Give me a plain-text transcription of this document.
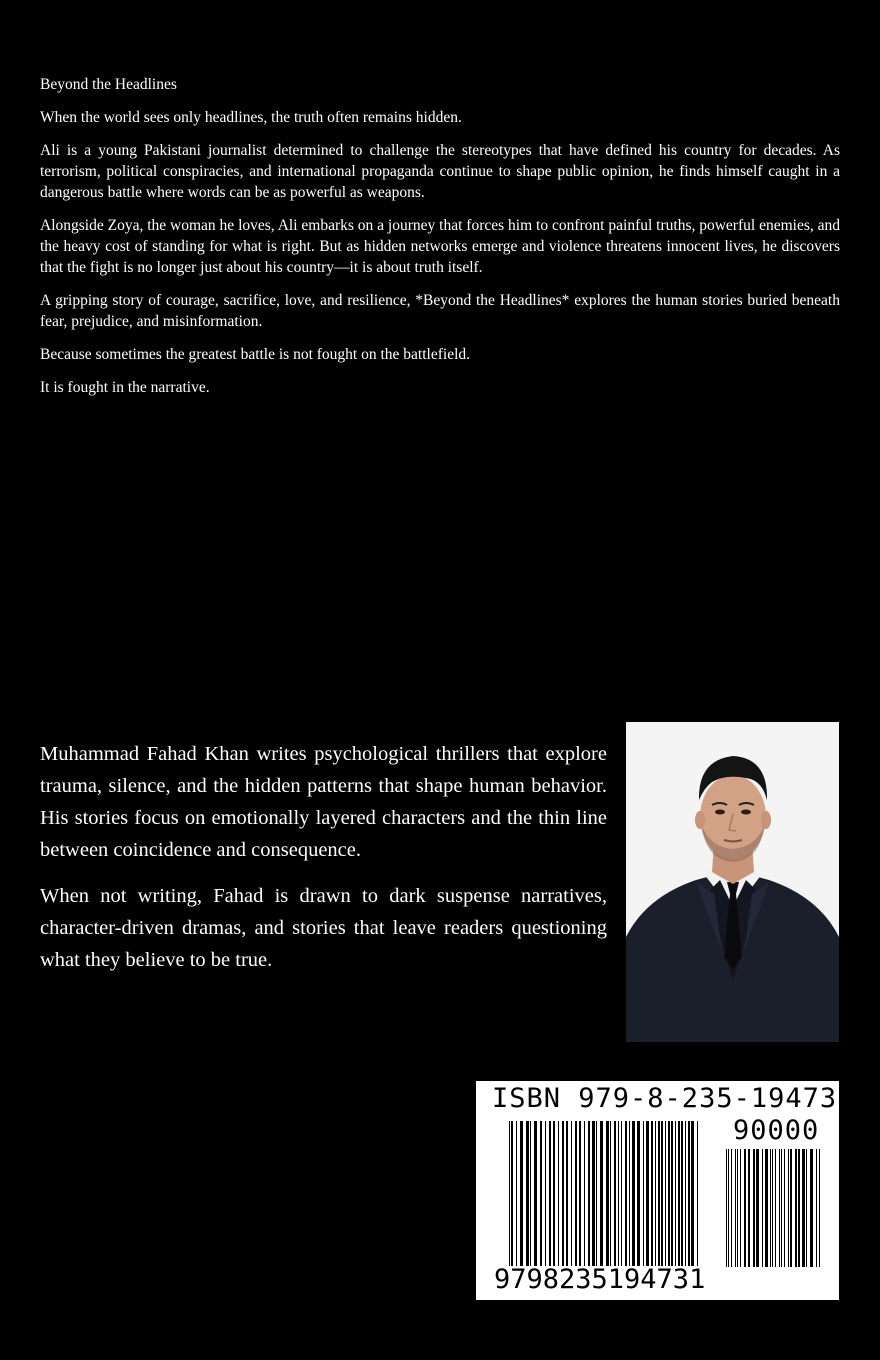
Beyond the Headlines

When the world sees only headlines, the truth often remains hidden.

Ali is a young Pakistani journalist determined to challenge the stereotypes that have defined his country for decades. As terrorism, political conspiracies, and international propaganda continue to shape public opinion, he finds himself caught in a dangerous battle where words can be as powerful as weapons.

Alongside Zoya, the woman he loves, Ali embarks on a journey that forces him to confront painful truths, powerful enemies, and the heavy cost of standing for what is right. But as hidden networks emerge and violence threatens innocent lives, he discovers that the fight is no longer just about his country—it is about truth itself.

A gripping story of courage, sacrifice, love, and resilience, *Beyond the Headlines* explores the human stories buried beneath fear, prejudice, and misinformation.

Because sometimes the greatest battle is not fought on the battlefield.

It is fought in the narrative.

Muhammad Fahad Khan writes psychological thrillers that explore trauma, silence, and the hidden patterns that shape human behavior. His stories focus on emotionally layered characters and the thin line between coincidence and consequence.

When not writing, Fahad is drawn to dark suspense narratives, character-driven dramas, and stories that leave readers questioning what they believe to be true.

ISBN 979-8-235-19473-1
90000
9798235194731
